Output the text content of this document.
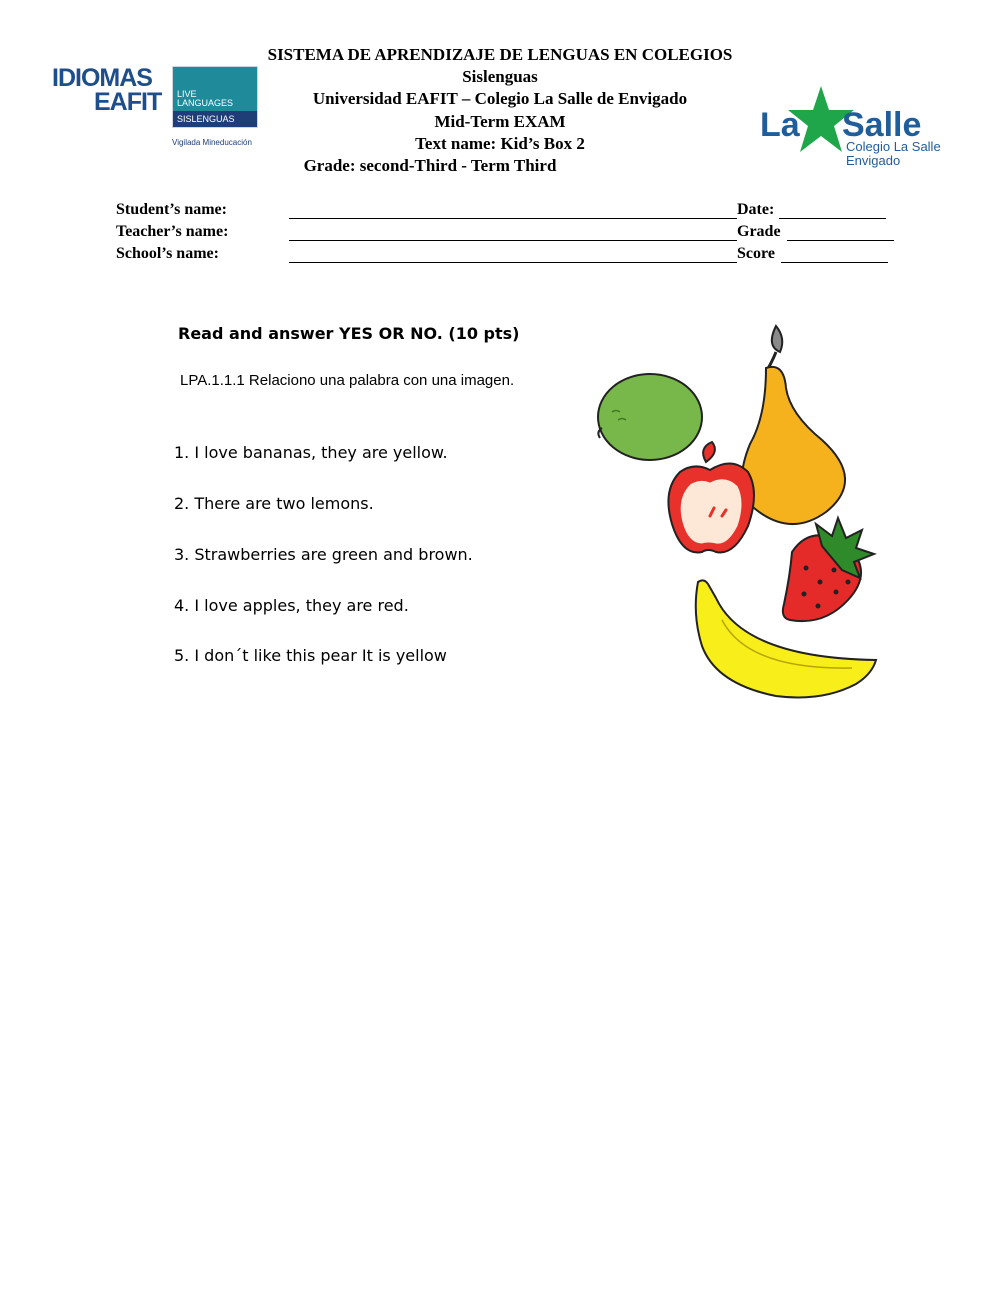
SISTEMA DE APRENDIZAJE DE LENGUAS EN COLEGIOS
Sislenguas
Universidad EAFIT – Colegio La Salle de Envigado
Mid-Term EXAM
Text name: Kid’s Box 2
Grade: second-Third - Term Third
IDIOMAS
EAFIT LIVE
LANGUAGES
SISLENGUAS
Vigilada Mineducación	La Salle
Colegio La Salle
Envigado
Student’s name:	Date:
Teacher’s name:	Grade
School’s name:	Score
Read and answer YES OR NO. (10 pts)
LPA.1.1.1 Relaciono una palabra con una imagen.
1. I love bananas, they are yellow.
2. There are two lemons.
3. Strawberries are green and brown.
4. I love apples, they are red.
5. I don´t like this pear It is yellow
